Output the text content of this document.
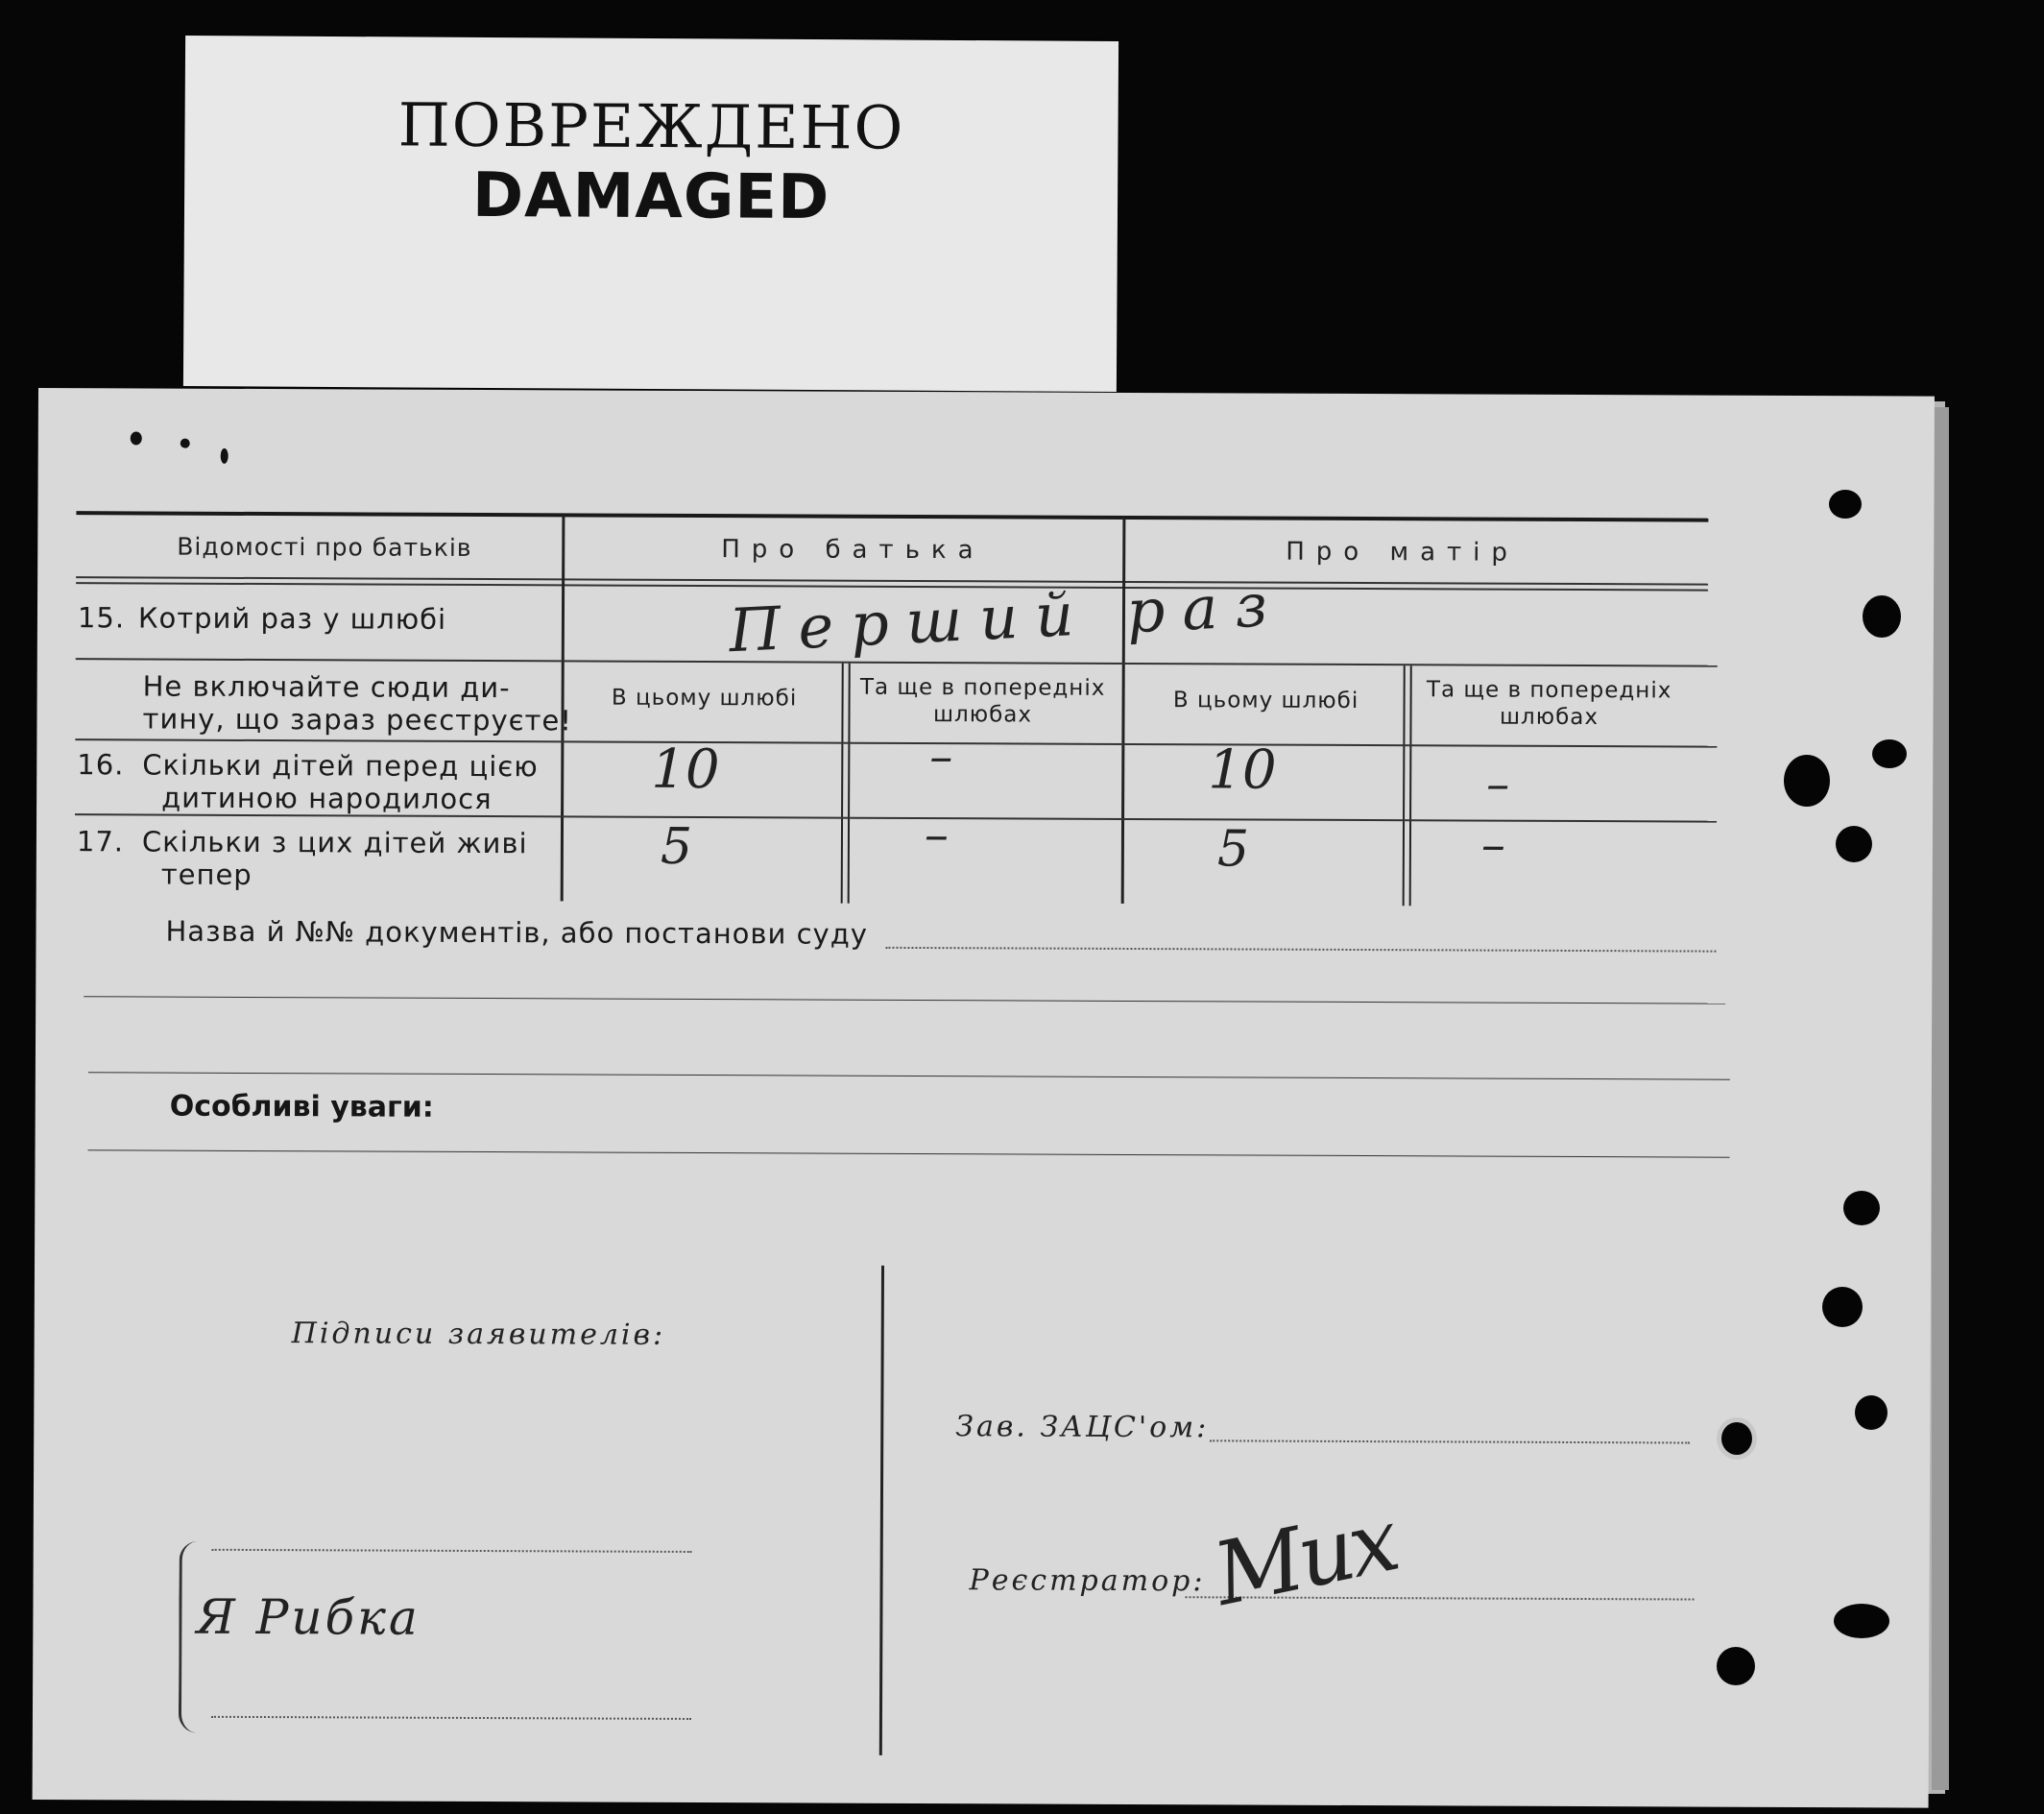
ПОВРЕЖДЕНО
DAMAGED
Відомості про батьків	Про батька	Про матір
15. Котрий раз у шлюбі	Перший раз
Не включайте сюди ди-
тину, що зараз реєструєте!
В цьому шлюбі	Та ще в попередніх шлюбах
В цьому шлюбі	Та ще в попередніх шлюбах
16. Скільки дітей перед цією
дитиною народилося	10	–	10	–
17. Скільки з цих дітей живі
тепер	5	–	5	–
Назва й №№ документів, або постанови суду
Особливі уваги:
Підписи заявителів:
Я Рибка
Зав. ЗАЦС'ом:
Реєстратор: Мих
